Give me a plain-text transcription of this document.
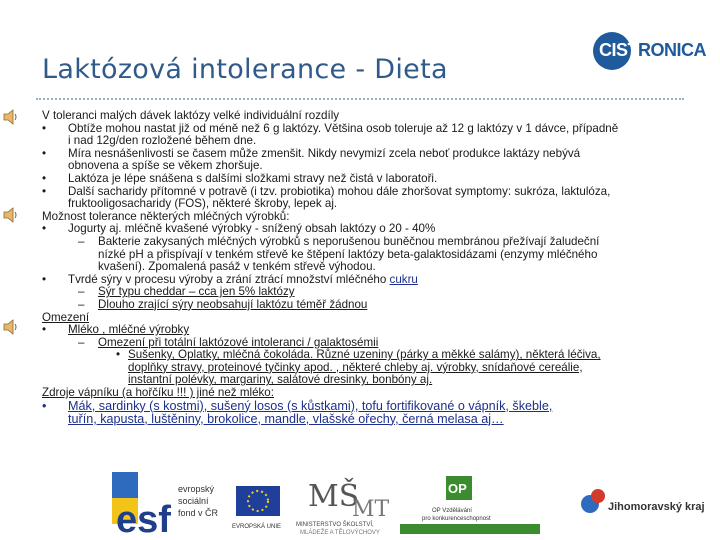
Laktózová intolerance - Dieta
CISTRONICA
V toleranci malých dávek laktózy velké individuální rozdíly
• Obtíže mohou nastat již od méně než 6 g laktózy. Většina osob toleruje až 12 g laktózy v 1 dávce, případně
i nad 12g/den rozložené během dne.
• Míra nesnášenlivosti se časem může zmenšit. Nikdy nevymizí zcela neboť produkce laktázy nebývá
obnovena a spíše se věkem zhoršuje.
• Laktóza je lépe snášena s dalšími složkami stravy než čistá v laboratoři.
• Další sacharidy přítomné v potravě (i tzv. probiotika) mohou dále zhoršovat symptomy: sukróza, laktulóza,
fruktooligosacharidy (FOS), některé škroby, lepek aj.
Možnost tolerance některých mléčných výrobků:
• Jogurty aj. mléčně kvašené výrobky - snížený obsah laktózy o 20 - 40%
– Bakterie zakysaných mléčných výrobků s neporušenou buněčnou membránou přežívají žaludeční
nízké pH a přispívají v tenkém střevě ke štěpení laktózy beta-galaktosidázami (enzymy mléčného
kvašení). Zpomalená pasáž v tenkém střevě výhodou.
• Tvrdé sýry v procesu výroby a zrání ztrácí množství mléčného cukru
– Sýr typu cheddar – cca jen 5% laktózy
– Dlouho zrající sýry neobsahují laktózu téměř žádnou
Omezení
• Mléko , mléčné výrobky
– Omezení při totální laktózové intoleranci / galaktosémii
• Sušenky, Oplatky, mléčná čokoláda. Různé uzeniny (párky a měkké salámy), některá léčiva,
doplňky stravy, proteinové tyčinky apod. , některé chleby aj. výrobky, snídaňové cereálie,
instantní polévky, margariny, salátové dresinky, bonbóny aj.
Zdroje vápníku (a hořčíku !!! ) jiné než mléko:
• Mák, sardinky (s kostmi), sušený losos (s kůstkami), tofu fortifikované o vápník, škeble,
tuřín, kapusta, luštěniny, brokolice, mandle, vlašské ořechy, černá melasa aj…
esf
evropský
sociální
fond v ČR
EVROPSKÁ UNIE
MŠ
MT
MINISTERSTVO ŠKOLSTVÍ,
MLÁDEŽE A TĚLOVÝCHOVY
OP
OP Vzdělávání
pro konkurenceschopnost
Jihomoravský kraj
